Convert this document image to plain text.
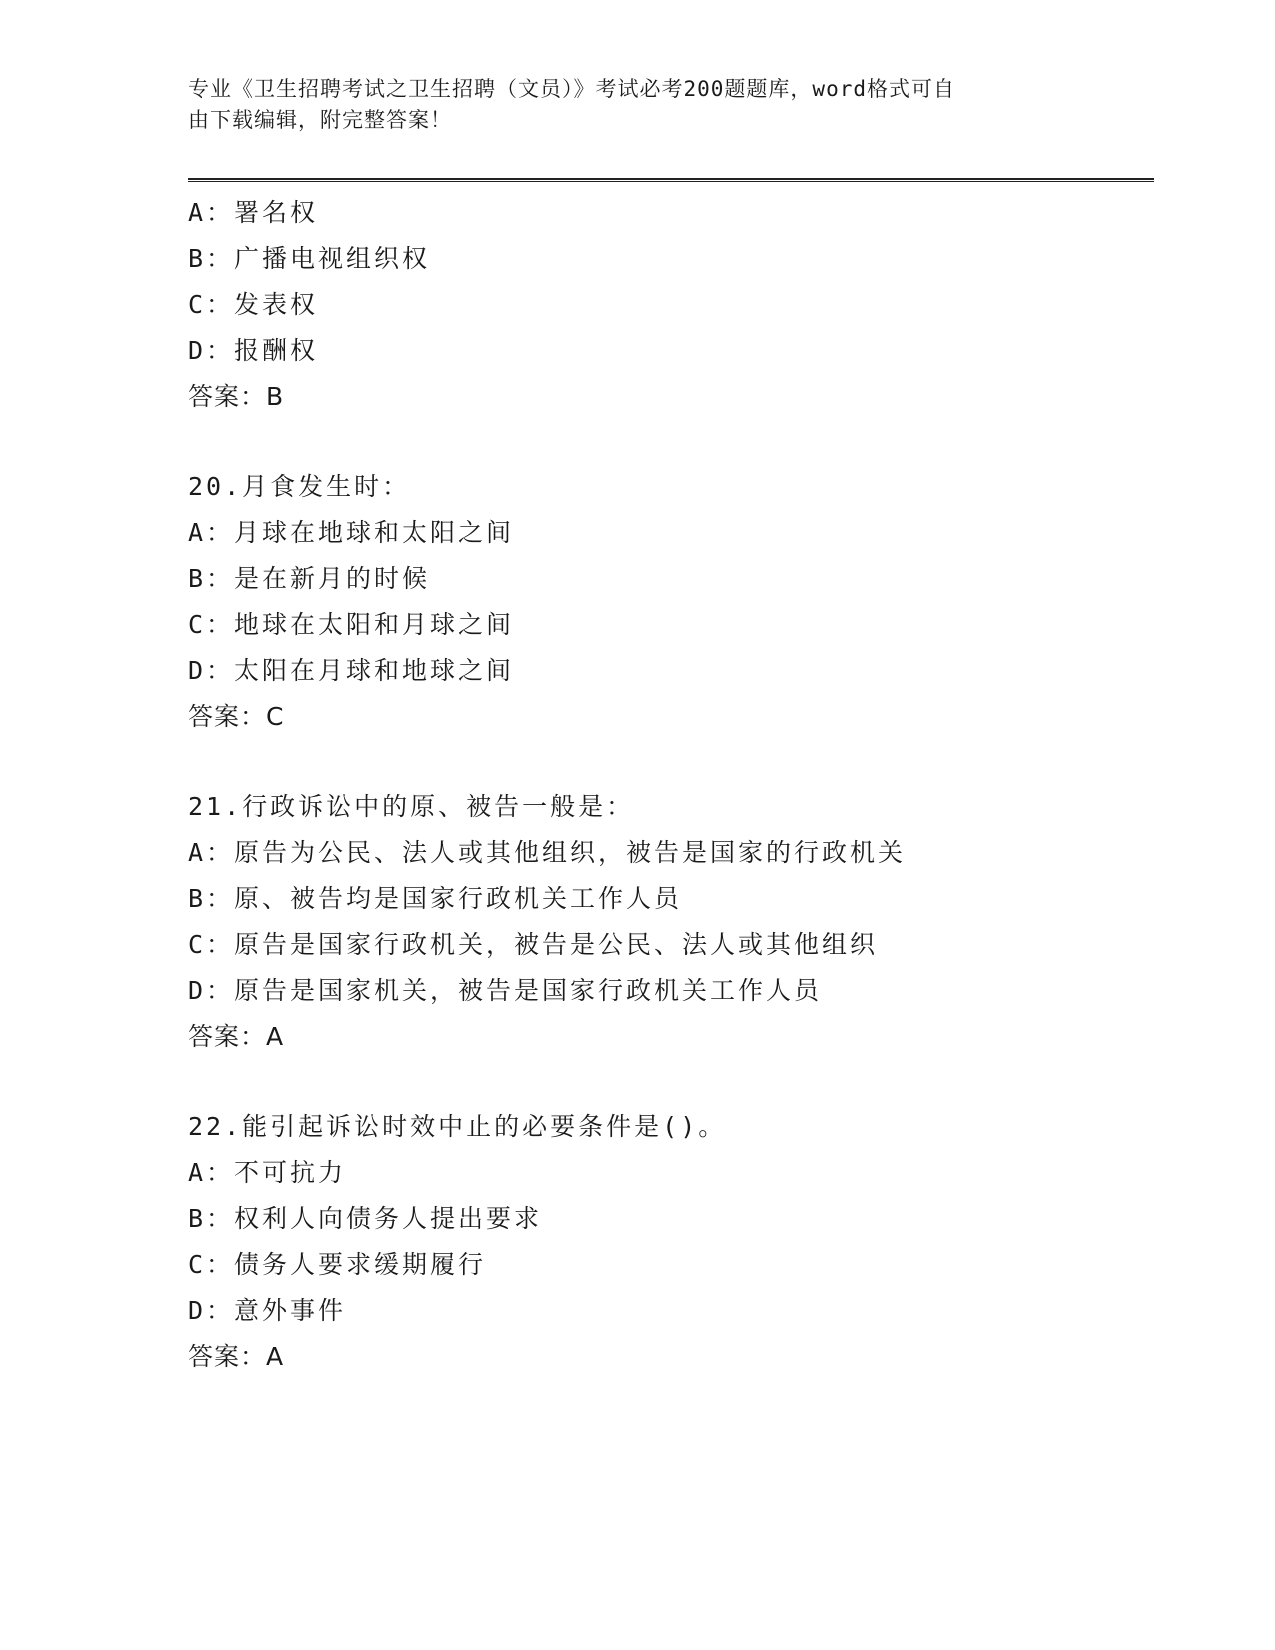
专业《卫生招聘考试之卫生招聘（文员）》考试必考200题题库，word格式可自
由下载编辑，附完整答案！
A：署名权
B：广播电视组织权
C：发表权
D：报酬权
答案：B
20.月食发生时：
A：月球在地球和太阳之间
B：是在新月的时候
C：地球在太阳和月球之间
D：太阳在月球和地球之间
答案：C
21.行政诉讼中的原、被告一般是：
A：原告为公民、法人或其他组织，被告是国家的行政机关
B：原、被告均是国家行政机关工作人员
C：原告是国家行政机关，被告是公民、法人或其他组织
D：原告是国家机关，被告是国家行政机关工作人员
答案：A
22.能引起诉讼时效中止的必要条件是()。
A：不可抗力
B：权利人向债务人提出要求
C：债务人要求缓期履行
D：意外事件
答案：A
